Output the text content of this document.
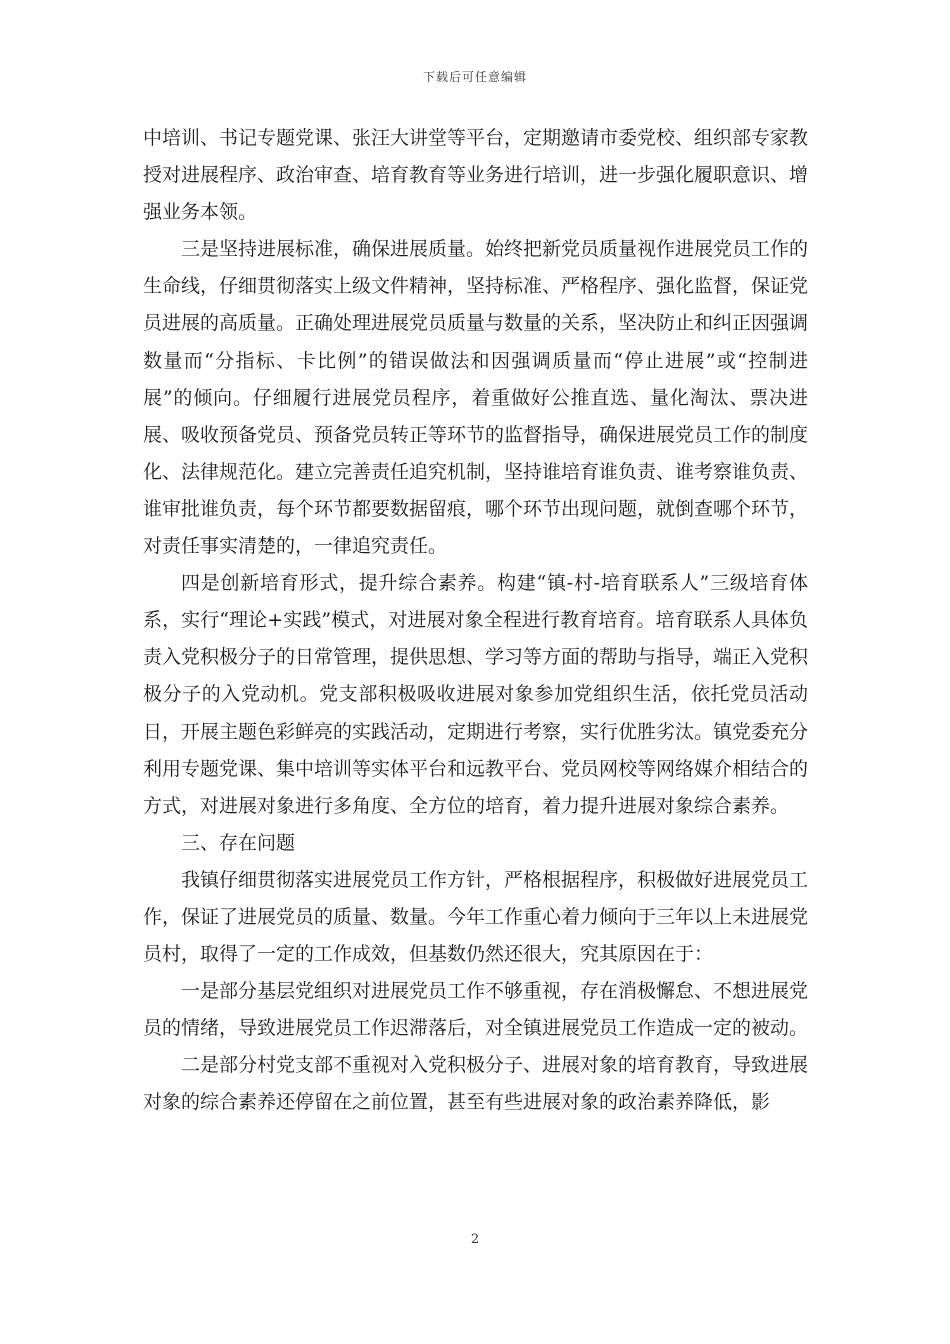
下载后可任意编辑

中培训、书记专题党课、张汪大讲堂等平台，定期邀请市委党校、组织部专家教授对进展程序、政治审查、培育教育等业务进行培训，进一步强化履职意识、增强业务本领。

三是坚持进展标准，确保进展质量。始终把新党员质量视作进展党员工作的生命线，仔细贯彻落实上级文件精神，坚持标准、严格程序、强化监督，保证党员进展的高质量。正确处理进展党员质量与数量的关系，坚决防止和纠正因强调数量而“分指标、卡比例”的错误做法和因强调质量而“停止进展”或“控制进展”的倾向。仔细履行进展党员程序，着重做好公推直选、量化淘汰、票决进展、吸收预备党员、预备党员转正等环节的监督指导，确保进展党员工作的制度化、法律规范化。建立完善责任追究机制，坚持谁培育谁负责、谁考察谁负责、谁审批谁负责，每个环节都要数据留痕，哪个环节出现问题，就倒查哪个环节，对责任事实清楚的，一律追究责任。

四是创新培育形式，提升综合素养。构建“镇-村-培育联系人”三级培育体系，实行“理论+实践”模式，对进展对象全程进行教育培育。培育联系人具体负责入党积极分子的日常管理，提供思想、学习等方面的帮助与指导，端正入党积极分子的入党动机。党支部积极吸收进展对象参加党组织生活，依托党员活动日，开展主题色彩鲜亮的实践活动，定期进行考察，实行优胜劣汰。镇党委充分利用专题党课、集中培训等实体平台和远教平台、党员网校等网络媒介相结合的方式，对进展对象进行多角度、全方位的培育，着力提升进展对象综合素养。

三、存在问题

我镇仔细贯彻落实进展党员工作方针，严格根据程序，积极做好进展党员工作，保证了进展党员的质量、数量。今年工作重心着力倾向于三年以上未进展党员村，取得了一定的工作成效，但基数仍然还很大，究其原因在于：

一是部分基层党组织对进展党员工作不够重视，存在消极懈怠、不想进展党员的情绪，导致进展党员工作迟滞落后，对全镇进展党员工作造成一定的被动。

二是部分村党支部不重视对入党积极分子、进展对象的培育教育，导致进展对象的综合素养还停留在之前位置，甚至有些进展对象的政治素养降低，影

2
